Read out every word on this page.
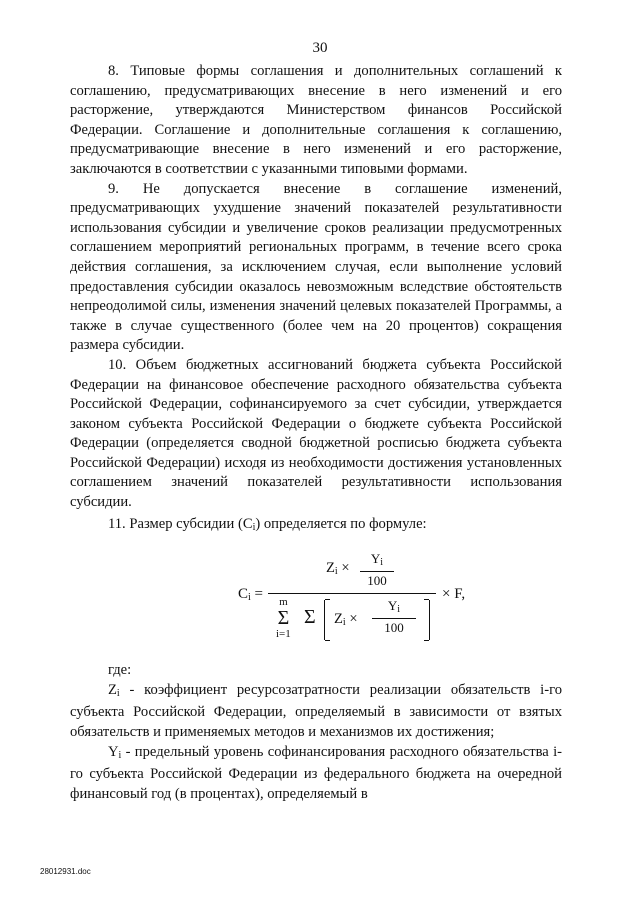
30

8. Типовые формы соглашения и дополнительных соглашений к соглашению, предусматривающих внесение в него изменений и его расторжение, утверждаются Министерством финансов Российской Федерации. Соглашение и дополнительные соглашения к соглашению, предусматривающие внесение в него изменений и его расторжение, заключаются в соответствии с указанными типовыми формами.

9. Не допускается внесение в соглашение изменений, предусматривающих ухудшение значений показателей результативности использования субсидии и увеличение сроков реализации предусмотренных соглашением мероприятий региональных программ, в течение всего срока действия соглашения, за исключением случая, если выполнение условий предоставления субсидии оказалось невозможным вследствие обстоятельств непреодолимой силы, изменения значений целевых показателей Программы, а также в случае существенного (более чем на 20 процентов) сокращения размера субсидии.

10. Объем бюджетных ассигнований бюджета субъекта Российской Федерации на финансовое обеспечение расходного обязательства субъекта Российской Федерации, софинансируемого за счет субсидии, утверждается законом субъекта Российской Федерации о бюджете субъекта Российской Федерации (определяется сводной бюджетной росписью бюджета субъекта Российской Федерации) исходя из необходимости достижения установленных соглашением значений показателей результативности использования субсидии.

11. Размер субсидии $(C_i)$ определяется по формуле:

$C_i$ =
$Z_i$ ×
$Y_i$
100
m
Σ
i=1
Σ $Z_i$ ×
$Y_i$
100
× F,

где:

$Z_i$ - коэффициент ресурсозатратности реализации обязательств i-го субъекта Российской Федерации, определяемый в зависимости от взятых обязательств и применяемых методов и механизмов их достижения;

$Y_i$ - предельный уровень софинансирования расходного обязательства i-го субъекта Российской Федерации из федерального бюджета на очередной финансовый год (в процентах), определяемый в

28012931.doc
